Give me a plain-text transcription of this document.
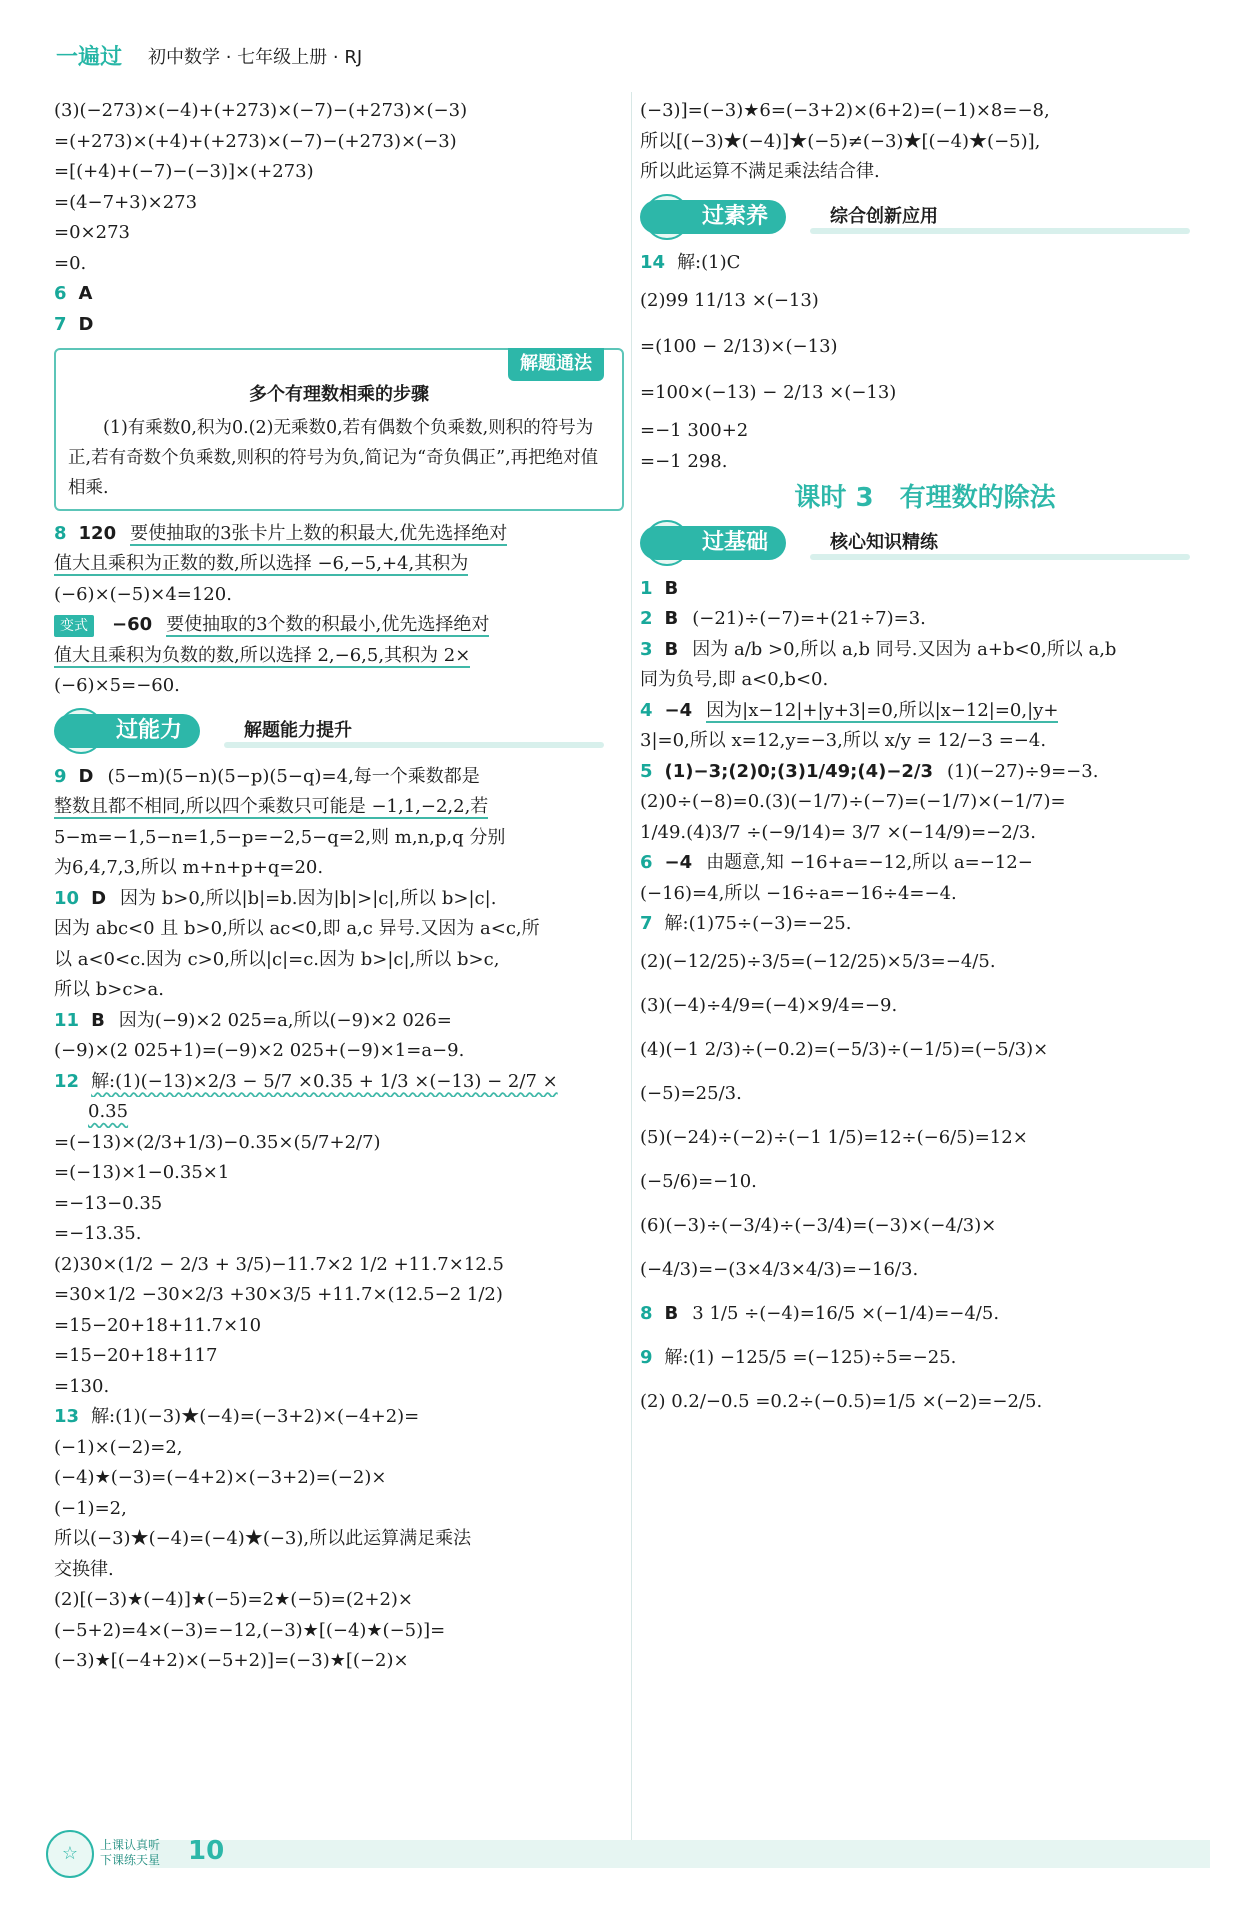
一遍过 初中数学 · 七年级上册 · RJ
(3)(−273)×(−4)+(+273)×(−7)−(+273)×(−3)
=(+273)×(+4)+(+273)×(−7)−(+273)×(−3)
=[(+4)+(−7)−(−3)]×(+273)
=(4−7+3)×273
=0×273
=0.
6 A
7 D
解题通法
多个有理数相乘的步骤
(1)有乘数0,积为0.(2)无乘数0,若有偶数个负乘数,则积的符号为正,若有奇数个负乘数,则积的符号为负,简记为“奇负偶正”,再把绝对值相乘.
8 120 要使抽取的3张卡片上数的积最大,优先选择绝对
值大且乘积为正数的数,所以选择 −6,−5,+4,其积为
(−6)×(−5)×4=120.
变式 −60 要使抽取的3个数的积最小,优先选择绝对
值大且乘积为负数的数,所以选择 2,−6,5,其积为 2×
(−6)×5=−60.
过能力	解题能力提升
9 D (5−m)(5−n)(5−p)(5−q)=4,每一个乘数都是
整数且都不相同,所以四个乘数只可能是 −1,1,−2,2,若
5−m=−1,5−n=1,5−p=−2,5−q=2,则 m,n,p,q 分别
为6,4,7,3,所以 m+n+p+q=20.
10 D 因为 b>0,所以|b|=b.因为|b|>|c|,所以 b>|c|.
因为 abc<0 且 b>0,所以 ac<0,即 a,c 异号.又因为 a<c,所
以 a<0<c.因为 c>0,所以|c|=c.因为 b>|c|,所以 b>c,
所以 b>c>a.
11 B 因为(−9)×2 025=a,所以(−9)×2 026=
(−9)×(2 025+1)=(−9)×2 025+(−9)×1=a−9.
12 解:(1)(−13)×2/3 − 5/7 ×0.35 + 1/3 ×(−13) − 2/7 ×
0.35
=(−13)×(2/3+1/3)−0.35×(5/7+2/7)
=(−13)×1−0.35×1
=−13−0.35
=−13.35.
(2)30×(1/2 − 2/3 + 3/5)−11.7×2 1/2 +11.7×12.5
=30×1/2 −30×2/3 +30×3/5 +11.7×(12.5−2 1/2)
=15−20+18+11.7×10
=15−20+18+117
=130.
13 解:(1)(−3)★(−4)=(−3+2)×(−4+2)=
(−1)×(−2)=2,
(−4)★(−3)=(−4+2)×(−3+2)=(−2)×
(−1)=2,
所以(−3)★(−4)=(−4)★(−3),所以此运算满足乘法
交换律.
(2)[(−3)★(−4)]★(−5)=2★(−5)=(2+2)×
(−5+2)=4×(−3)=−12,(−3)★[(−4)★(−5)]=
(−3)★[(−4+2)×(−5+2)]=(−3)★[(−2)×
(−3)]=(−3)★6=(−3+2)×(6+2)=(−1)×8=−8,
所以[(−3)★(−4)]★(−5)≠(−3)★[(−4)★(−5)],
所以此运算不满足乘法结合律.
过素养	综合创新应用
14 解:(1)C
(2)99 11/13 ×(−13)
=(100 − 2/13)×(−13)
=100×(−13) − 2/13 ×(−13)
=−1 300+2
=−1 298.
课时 3　有理数的除法
过基础	核心知识精练
1 B
2 B (−21)÷(−7)=+(21÷7)=3.
3 B 因为 a/b >0,所以 a,b 同号.又因为 a+b<0,所以 a,b
同为负号,即 a<0,b<0.
4 −4 因为|x−12|+|y+3|=0,所以|x−12|=0,|y+
3|=0,所以 x=12,y=−3,所以 x/y = 12/−3 =−4.
5 (1)−3;(2)0;(3)1/49;(4)−2/3 (1)(−27)÷9=−3.
(2)0÷(−8)=0.(3)(−1/7)÷(−7)=(−1/7)×(−1/7)=
1/49.(4)3/7 ÷(−9/14)= 3/7 ×(−14/9)=−2/3.
6 −4 由题意,知 −16+a=−12,所以 a=−12−
(−16)=4,所以 −16÷a=−16÷4=−4.
7 解:(1)75÷(−3)=−25.
(2)(−12/25)÷3/5=(−12/25)×5/3=−4/5.
(3)(−4)÷4/9=(−4)×9/4=−9.
(4)(−1 2/3)÷(−0.2)=(−5/3)÷(−1/5)=(−5/3)×
(−5)=25/3.
(5)(−24)÷(−2)÷(−1 1/5)=12÷(−6/5)=12×
(−5/6)=−10.
(6)(−3)÷(−3/4)÷(−3/4)=(−3)×(−4/3)×
(−4/3)=−(3×4/3×4/3)=−16/3.
8 B 3 1/5 ÷(−4)=16/5 ×(−1/4)=−4/5.
9 解:(1) −125/5 =(−125)÷5=−25.
(2) 0.2/−0.5 =0.2÷(−0.5)=1/5 ×(−2)=−2/5.
☆	上课认真听
下课练天星 10
